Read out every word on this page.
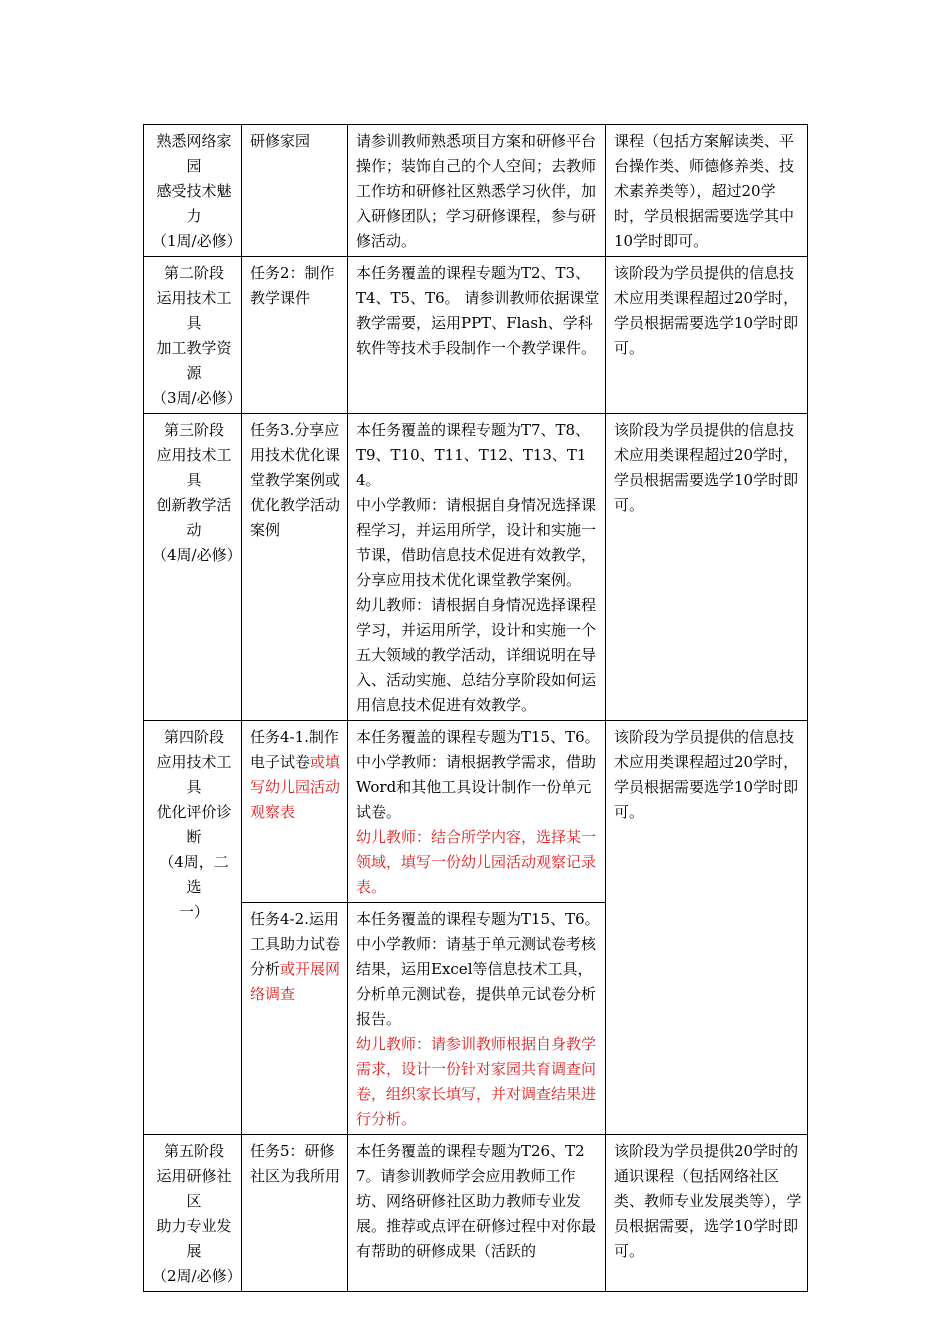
熟悉网络家园
感受技术魅力
（1周/必修）	研修家园	请参训教师熟悉项目方案和研修平台操作；装饰自己的个人空间；去教师工作坊和研修社区熟悉学习伙伴，加入研修团队；学习研修课程，参与研修活动。	课程（包括方案解读类、平台操作类、师德修养类、技术素养类等），超过20学时，学员根据需要选学其中10学时即可。

第二阶段
运用技术工具
加工教学资源
（3周/必修）	任务2：制作教学课件	本任务覆盖的课程专题为T2、T3、T4、T5、T6。 请参训教师依据课堂教学需要，运用PPT、Flash、学科软件等技术手段制作一个教学课件。	该阶段为学员提供的信息技术应用类课程超过20学时，学员根据需要选学10学时即可。

第三阶段
应用技术工具
创新教学活动
（4周/必修）	任务3.分享应用技术优化课堂教学案例或优化教学活动案例	本任务覆盖的课程专题为T7、T8、T9、T10、T11、T12、T13、T14。
中小学教师：请根据自身情况选择课程学习，并运用所学，设计和实施一节课，借助信息技术促进有效教学，分享应用技术优化课堂教学案例。
幼儿教师：请根据自身情况选择课程学习，并运用所学，设计和实施一个五大领域的教学活动，详细说明在导入、活动实施、总结分享阶段如何运用信息技术促进有效教学。	该阶段为学员提供的信息技术应用类课程超过20学时，学员根据需要选学10学时即可。

第四阶段
应用技术工具
优化评价诊断
（4周，二选
一）	任务4-1.制作电子试卷或填写幼儿园活动观察表	本任务覆盖的课程专题为T15、T6。
中小学教师：请根据教学需求，借助Word和其他工具设计制作一份单元试卷。
幼儿教师：结合所学内容，选择某一领域，填写一份幼儿园活动观察记录表。	该阶段为学员提供的信息技术应用类课程超过20学时，学员根据需要选学10学时即可。
	任务4-2.运用工具助力试卷分析或开展网络调查	本任务覆盖的课程专题为T15、T6。
中小学教师：请基于单元测试卷考核结果，运用Excel等信息技术工具，分析单元测试卷，提供单元试卷分析报告。
幼儿教师：请参训教师根据自身教学需求，设计一份针对家园共育调查问卷，组织家长填写，并对调查结果进行分析。	

第五阶段
运用研修社区
助力专业发展
（2周/必修）	任务5：研修社区为我所用	本任务覆盖的课程专题为T26、T27。请参训教师学会应用教师工作坊、网络研修社区助力教师专业发展。推荐或点评在研修过程中对你最有帮助的研修成果（活跃的	该阶段为学员提供20学时的通识课程（包括网络社区类、教师专业发展类等），学员根据需要，选学10学时即可。
